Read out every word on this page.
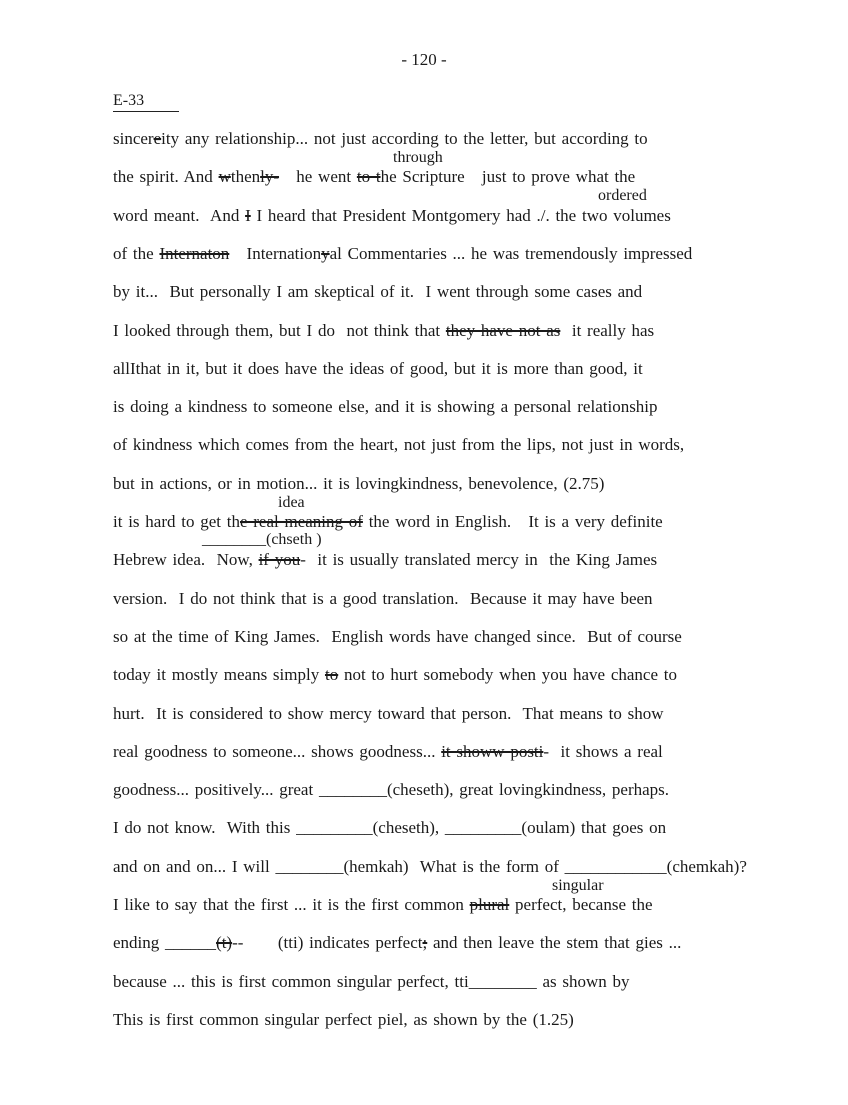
- 120 -
E-33
sincereity any relationship... not just according to the letter, but according to
the spirit. And wthenly-   he went to the Scripture   just to prove what the
word meant.  And I I heard that President Montgomery had ./. the two volumes
of the Internaton   Internationyal Commentaries ... he was tremendously impressed
by it...  But personally I am skeptical of it.  I went through some cases and
I looked through them, but I do  not think that they have not as  it really has
allIthat in it, but it does have the ideas of good, but it is more than good, it
is doing a kindness to someone else, and it is showing a personal relationship
of kindness which comes from the heart, not just from the lips, not just in words,
but in actions, or in motion... it is lovingkindness, benevolence, (2.75)
it is hard to get the real meaning of the word in English.   It is a very definite
Hebrew idea.  Now, if you-  it is usually translated mercy in  the King James
version.  I do not think that is a good translation.  Because it may have been
so at the time of King James.  English words have changed since.  But of course
today it mostly means simply to not to hurt somebody when you have chance to
hurt.  It is considered to show mercy toward that person.  That means to show
real goodness to someone... shows goodness... it showw posti-  it shows a real
goodness... positively... great ________(cheseth), great lovingkindness, perhaps.
I do not know.  With this _________(cheseth), _________(oulam) that goes on
and on and on... I will ________(hemkah)  What is the form of ____________(chemkah)?
I like to say that the first ... it is the first common plural perfect, becanse the
ending ______(t)--      (tti) indicates perfect; and then leave the stem that gies ...
because ... this is first common singular perfect, tti________ as shown by
This is first common singular perfect piel, as shown by the (1.25)
through
ordered
idea
________(chseth )
singular
